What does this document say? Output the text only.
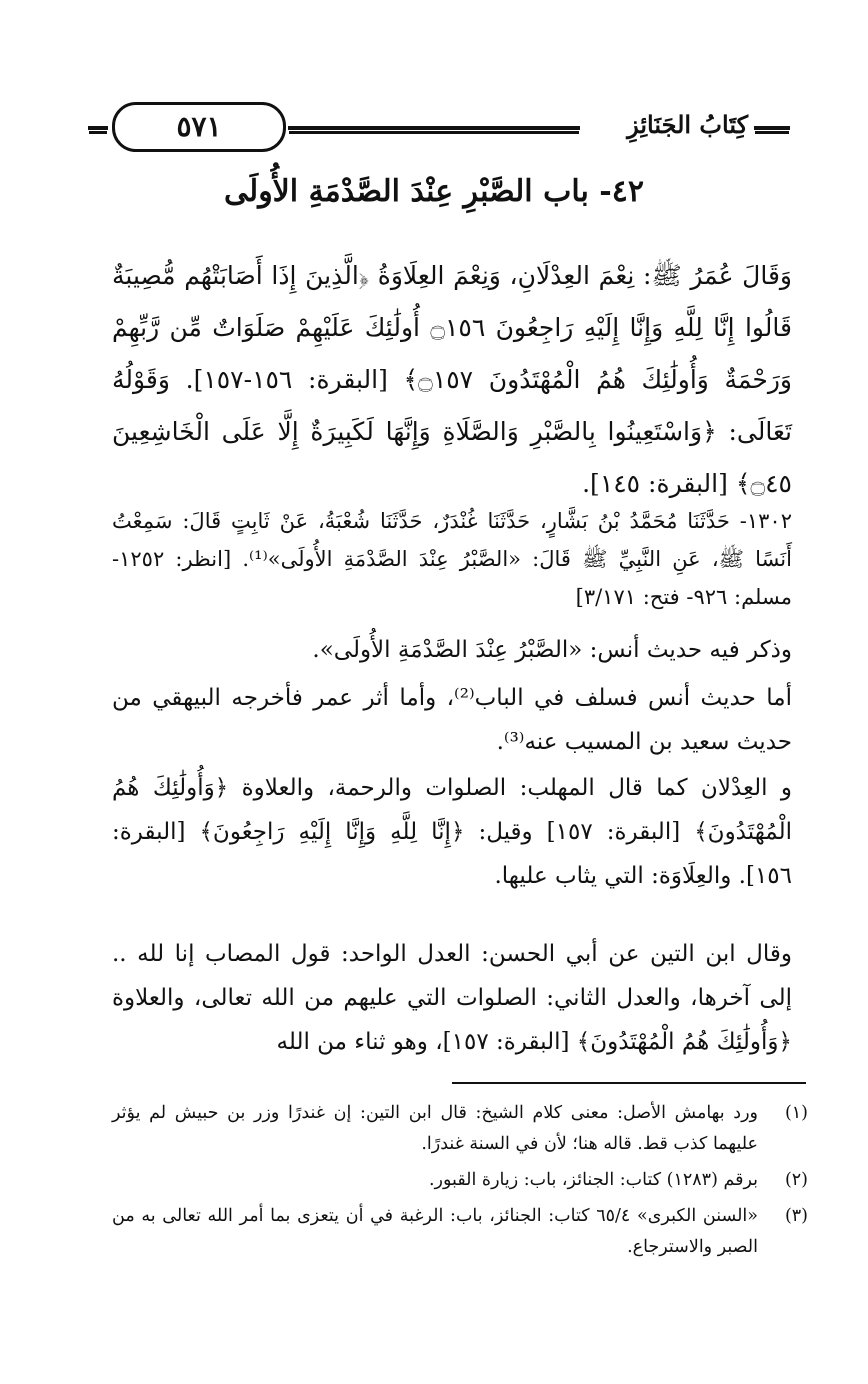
كِتَابُ الجَنَائِزِ
٥٧١
٤٢- باب الصَّبْرِ عِنْدَ الصَّدْمَةِ الأُولَى
وَقَالَ عُمَرُ ﷺ: نِعْمَ العِدْلَانِ، وَنِعْمَ العِلَاوَةُ ﴿الَّذِينَ إِذَا أَصَابَتْهُم مُّصِيبَةٌ قَالُوا إِنَّا لِلَّهِ وَإِنَّا إِلَيْهِ رَاجِعُونَ ۝١٥٦ أُولَٰئِكَ عَلَيْهِمْ صَلَوَاتٌ مِّن رَّبِّهِمْ وَرَحْمَةٌ وَأُولَٰئِكَ هُمُ الْمُهْتَدُونَ ۝١٥٧﴾ [البقرة: ١٥٦-١٥٧]. وَقَوْلُهُ تَعَالَى: ﴿وَاسْتَعِينُوا بِالصَّبْرِ وَالصَّلَاةِ وَإِنَّهَا لَكَبِيرَةٌ إِلَّا عَلَى الْخَاشِعِينَ ۝٤٥﴾ [البقرة: ١٤٥].
١٣٠٢- حَدَّثَنَا مُحَمَّدُ بْنُ بَشَّارٍ، حَدَّثَنَا غُنْدَرٌ، حَدَّثَنَا شُعْبَةُ، عَنْ ثَابِتٍ قَالَ: سَمِعْتُ أَنَسًا ﷺ، عَنِ النَّبِيِّ ﷺ قَالَ: «الصَّبْرُ عِنْدَ الصَّدْمَةِ الأُولَى»⁽¹⁾. [انظر: ١٢٥٢- مسلم: ٩٢٦- فتح: ٣/١٧١]
وذكر فيه حديث أنس: «الصَّبْرُ عِنْدَ الصَّدْمَةِ الأُولَى».
أما حديث أنس فسلف في الباب⁽²⁾، وأما أثر عمر فأخرجه البيهقي من حديث سعيد بن المسيب عنه⁽³⁾.
و العِدْلان كما قال المهلب: الصلوات والرحمة، والعلاوة ﴿وَأُولَٰئِكَ هُمُ الْمُهْتَدُونَ﴾ [البقرة: ١٥٧] وقيل: ﴿إِنَّا لِلَّهِ وَإِنَّا إِلَيْهِ رَاجِعُونَ﴾ [البقرة: ١٥٦]. والعِلَاوَة: التي يثاب عليها.
وقال ابن التين عن أبي الحسن: العدل الواحد: قول المصاب إنا لله .. إلى آخرها، والعدل الثاني: الصلوات التي عليهم من الله تعالى، والعلاوة ﴿وَأُولَٰئِكَ هُمُ الْمُهْتَدُونَ﴾ [البقرة: ١٥٧]، وهو ثناء من الله
(١)
ورد بهامش الأصل: معنى كلام الشيخ: قال ابن التين: إن غندرًا وزر بن حبيش لم يؤثر عليهما كذب قط. قاله هنا؛ لأن في السنة غندرًا.
(٢)
برقم (١٢٨٣) كتاب: الجنائز، باب: زيارة القبور.
(٣)
«السنن الكبرى» ٦٥/٤ كتاب: الجنائز، باب: الرغبة في أن يتعزى بما أمر الله تعالى به من الصبر والاسترجاع.
